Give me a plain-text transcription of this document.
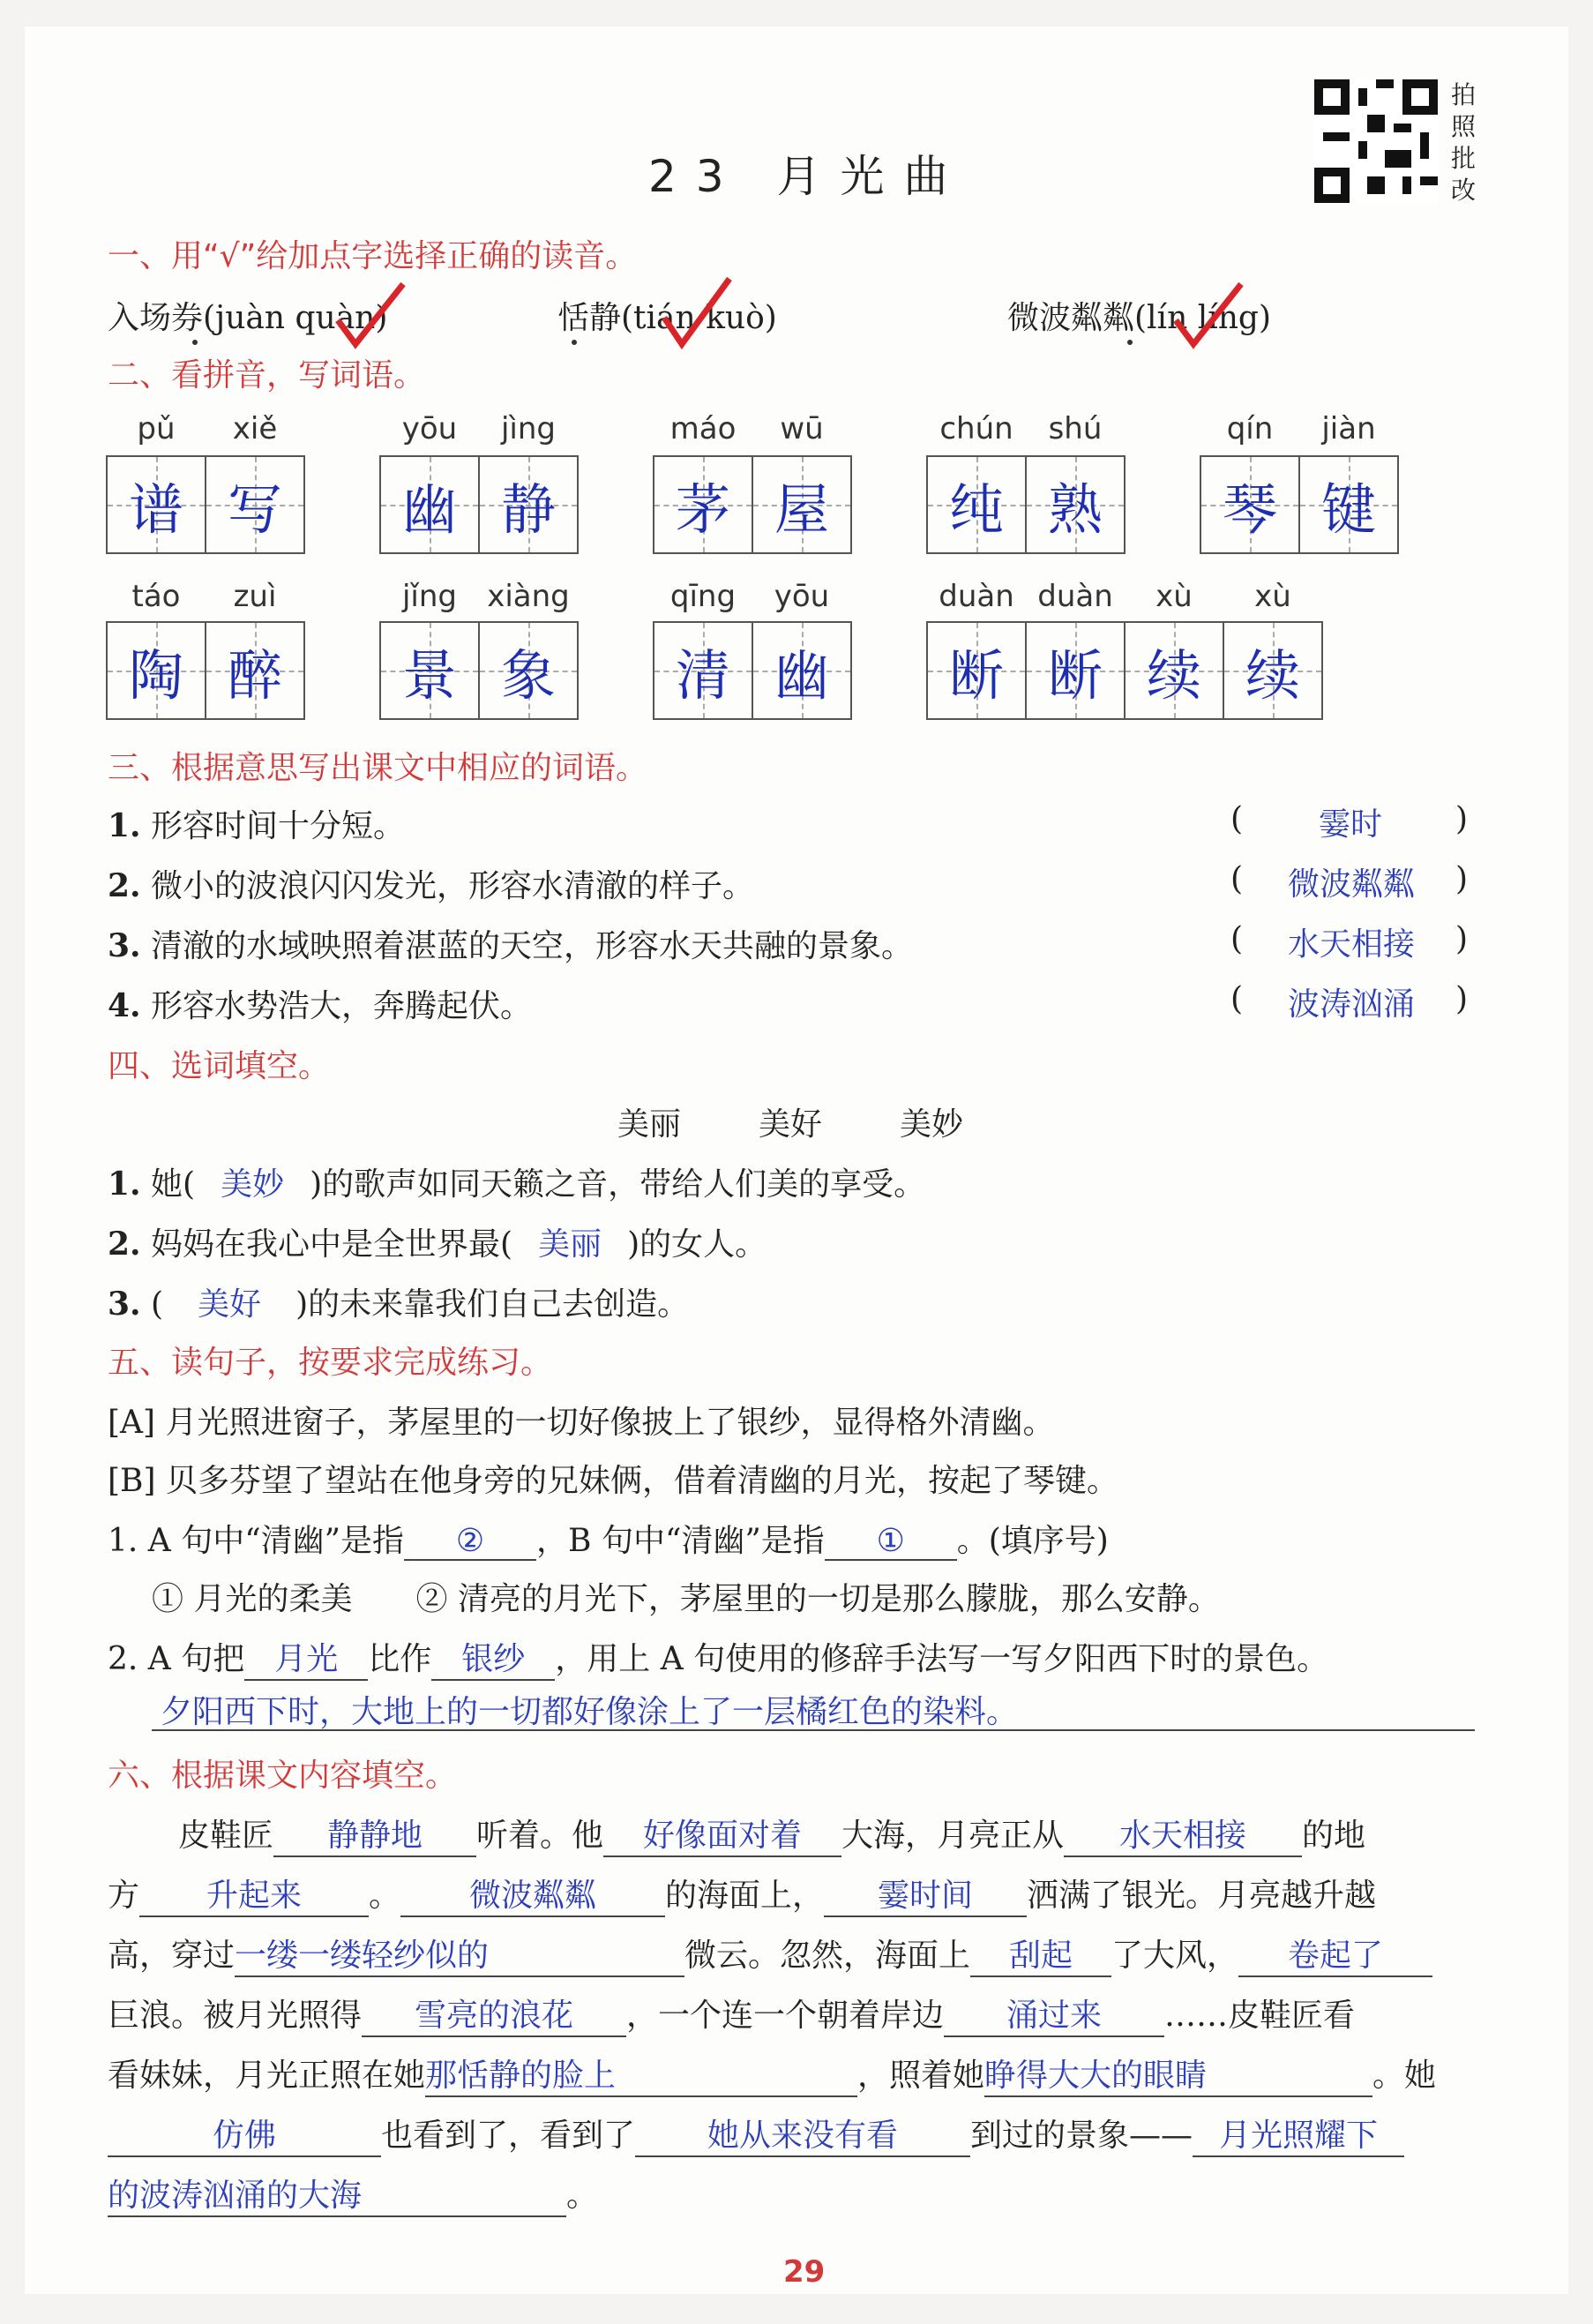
23 月光曲
拍照批改
一、用“√”给加点字选择正确的读音。
入场券(juàn quàn)	恬静(tián kuò)	微波粼粼(lín líng)
二、看拼音，写词语。
pǔ	xiě
谱 写
yōu	jìng
幽 静
máo	wū
茅 屋
chún	shú
纯 熟
qín	jiàn
琴 键
táo	zuì
陶 醉
jǐng	xiàng
景 象
qīng	yōu
清 幽
duàn duàn	xù	xù
断 断 续 续
三、根据意思写出课文中相应的词语。
1. 形容时间十分短。	( 霎时 )
2. 微小的波浪闪闪发光，形容水清澈的样子。	( 微波粼粼 )
3. 清澈的水域映照着湛蓝的天空，形容水天共融的景象。	( 水天相接 )
4. 形容水势浩大，奔腾起伏。	( 波涛汹涌 )
四、选词填空。
美丽 美好 美妙
1. 她( 美妙 )的歌声如同天籁之音，带给人们美的享受。
2. 妈妈在我心中是全世界最( 美丽 )的女人。
3. ( 美好 )的未来靠我们自己去创造。
五、读句子，按要求完成练习。
[A] 月光照进窗子，茅屋里的一切好像披上了银纱，显得格外清幽。
[B] 贝多芬望了望站在他身旁的兄妹俩，借着清幽的月光，按起了琴键。
1. A 句中“清幽”是指 ② ，B 句中“清幽”是指 ① 。(填序号)
① 月光的柔美　　② 清亮的月光下，茅屋里的一切是那么朦胧，那么安静。
2. A 句把 月光 比作 银纱 ，用上 A 句使用的修辞手法写一写夕阳西下时的景色。
夕阳西下时，大地上的一切都好像涂上了一层橘红色的染料。
六、根据课文内容填空。
皮鞋匠 静静地 听着。他 好像面对着 大海，月亮正从 水天相接 的地
方 升起来 。 微波粼粼 的海面上， 霎时间 洒满了银光。月亮越升越
高，穿过一缕一缕轻纱似的	微云。忽然，海面上 刮起 了大风， 卷起了
巨浪。被月光照得 雪亮的浪花 ，一个连一个朝着岸边 涌过来 ……皮鞋匠看
看妹妹，月光正照在她那恬静的脸上	，照着她睁得大大的眼睛	。她
仿佛	也看到了，看到了 她从来没有看 到过的景象—— 月光照耀下
的波涛汹涌的大海	。
29
